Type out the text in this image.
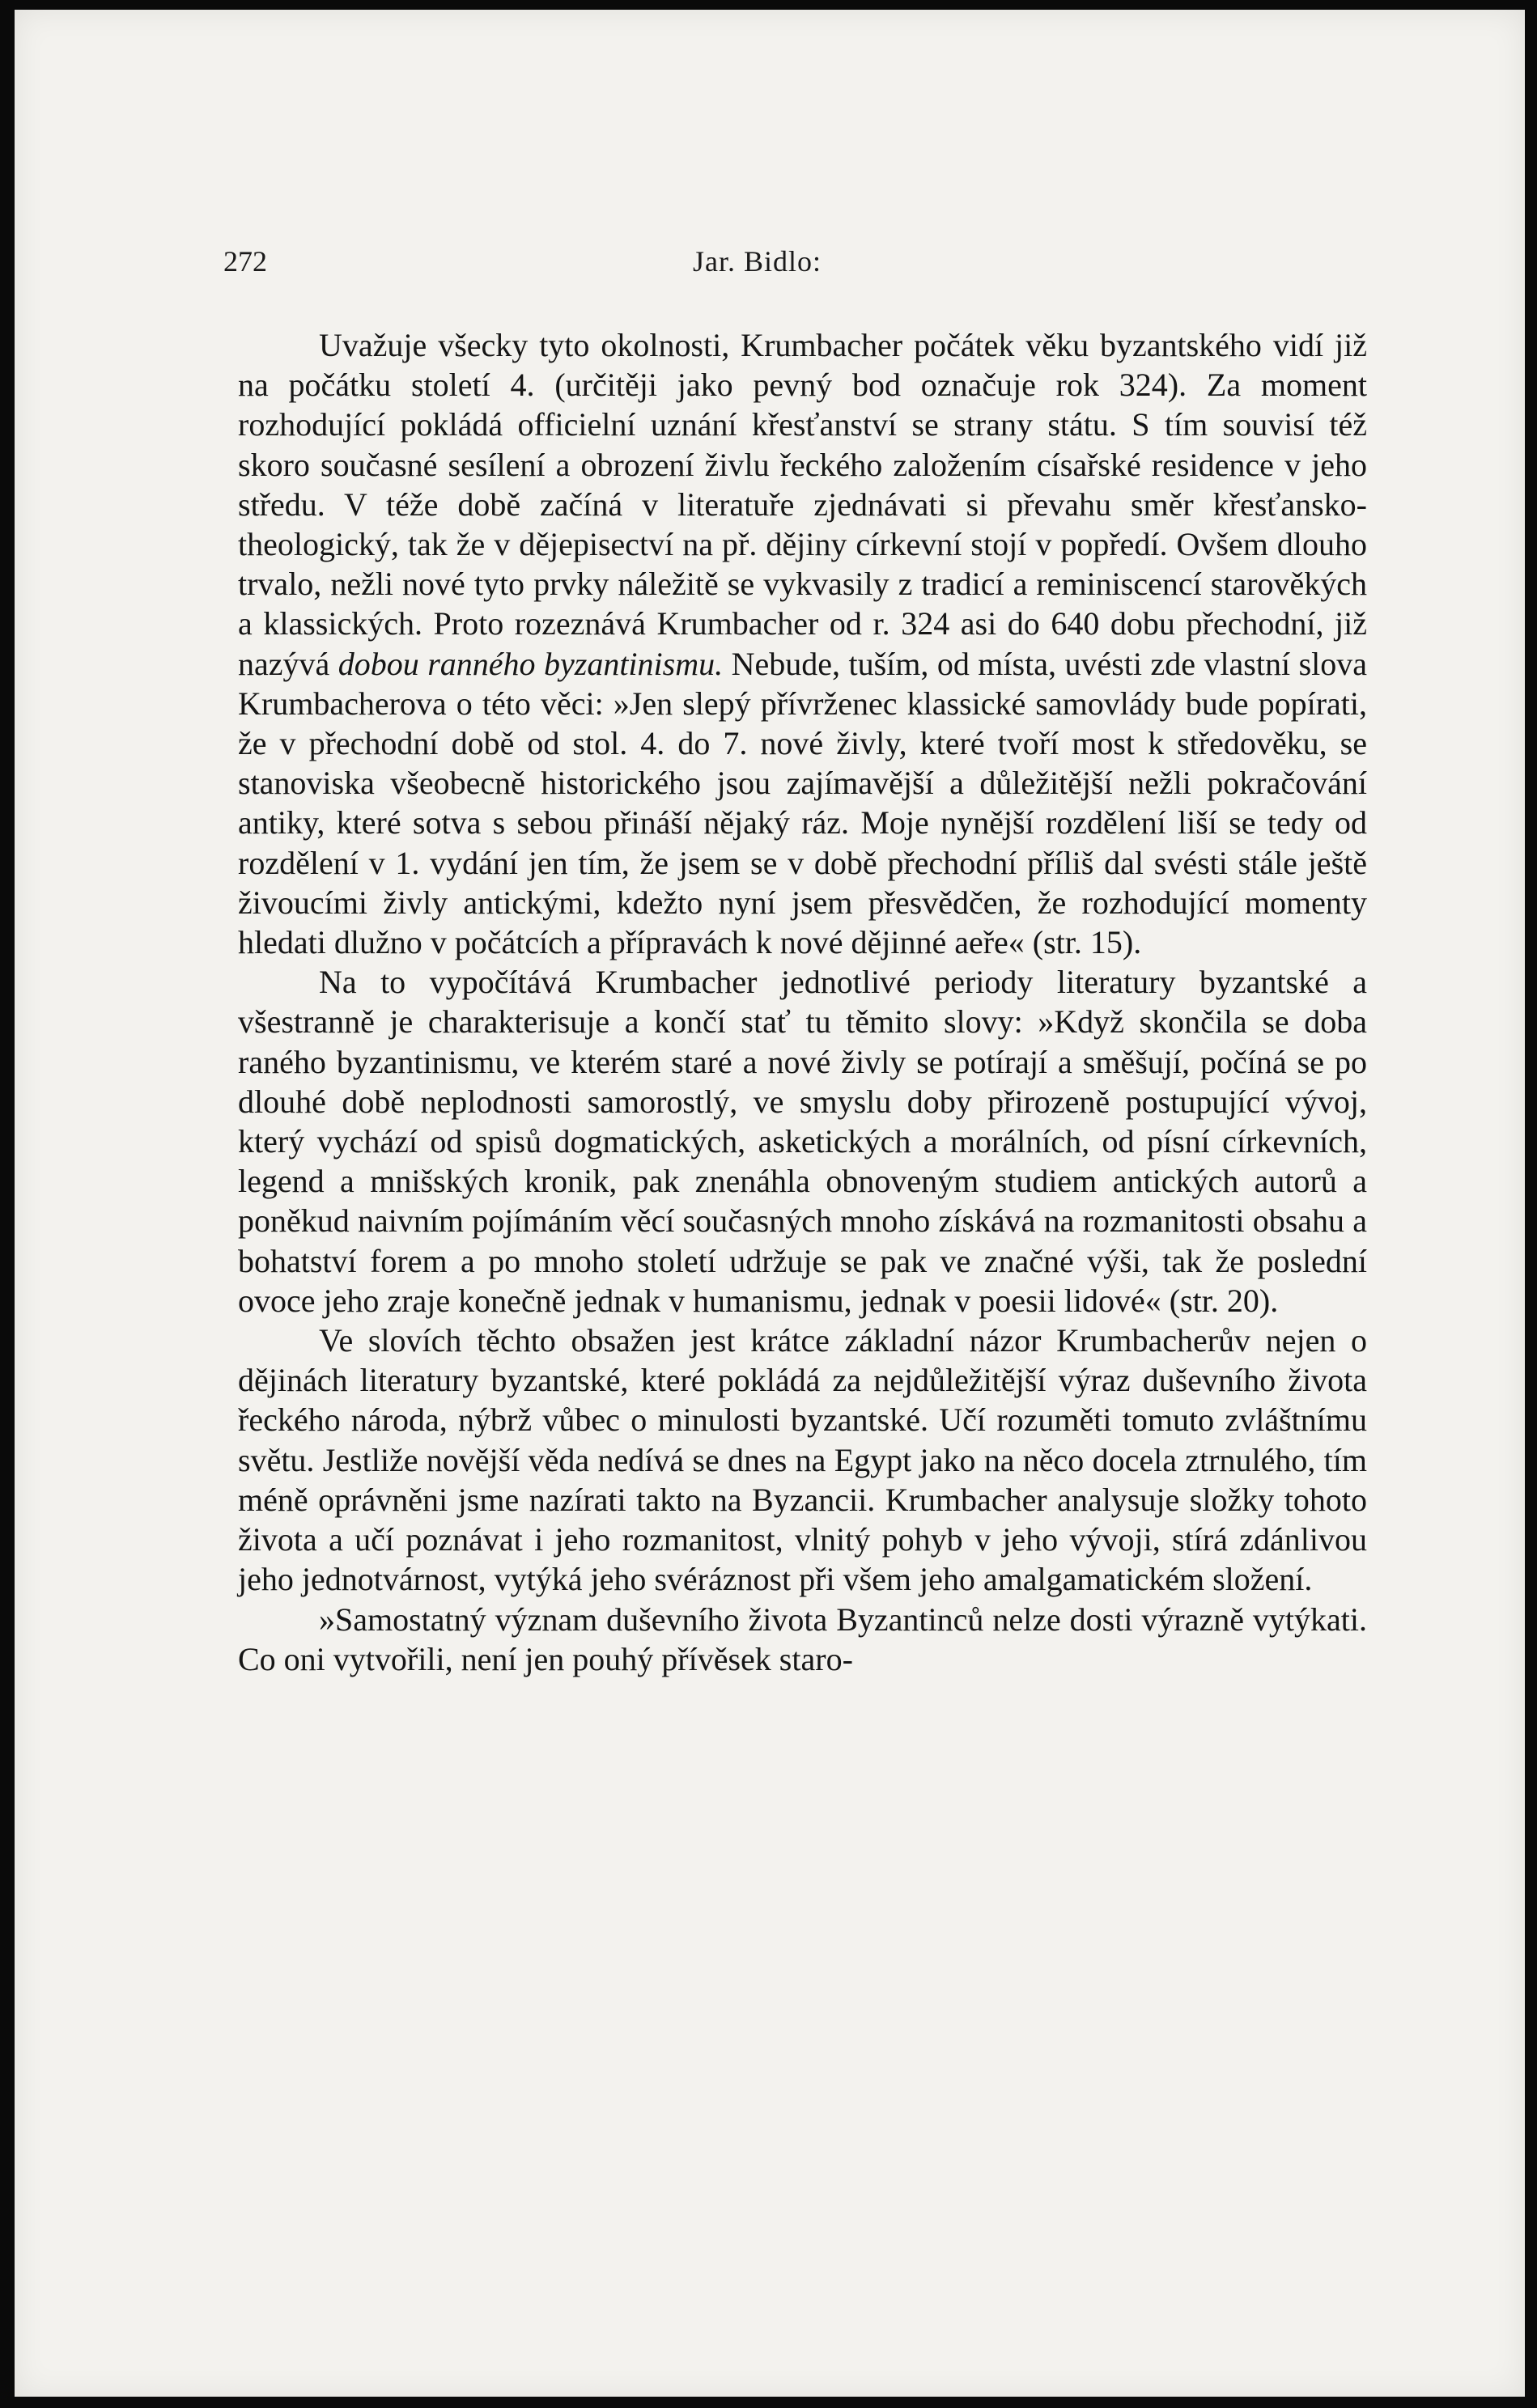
272	Jar. Bidlo:

Uvažuje všecky tyto okolnosti, Krumbacher počátek věku byzantského vidí již na počátku století 4. (určitěji jako pevný bod označuje rok 324). Za moment rozhodující pokládá officielní uznání křesťanství se strany státu. S tím souvisí též skoro současné sesílení a obrození živlu řeckého založením císařské residence v jeho středu. V téže době začíná v literatuře zjednávati si převahu směr křesťansko-theologický, tak že v dějepisectví na př. dějiny církevní stojí v popředí. Ovšem dlouho trvalo, nežli nové tyto prvky náležitě se vykvasily z tradicí a reminiscencí starověkých a klassických. Proto rozeznává Krumbacher od r. 324 asi do 640 dobu přechodní, již nazývá dobou ranného byzantinismu. Nebude, tuším, od místa, uvésti zde vlastní slova Krumbacherova o této věci: »Jen slepý přívrženec klassické samovlády bude popírati, že v přechodní době od stol. 4. do 7. nové živly, které tvoří most k středověku, se stanoviska všeobecně historického jsou zajímavější a důležitější nežli pokračování antiky, které sotva s sebou přináší nějaký ráz. Moje nynější rozdělení liší se tedy od rozdělení v 1. vydání jen tím, že jsem se v době přechodní příliš dal svésti stále ještě živoucími živly antickými, kdežto nyní jsem přesvědčen, že rozhodující momenty hledati dlužno v počátcích a přípravách k nové dějinné aeře« (str. 15).

Na to vypočítává Krumbacher jednotlivé periody literatury byzantské a všestranně je charakterisuje a končí stať tu těmito slovy: »Když skončila se doba raného byzantinismu, ve kterém staré a nové živly se potírají a směšují, počíná se po dlouhé době neplodnosti samorostlý, ve smyslu doby přirozeně postupující vývoj, který vychází od spisů dogmatických, asketických a morálních, od písní církevních, legend a mnišských kronik, pak znenáhla obnoveným studiem antických autorů a poněkud naivním pojímáním věcí současných mnoho získává na rozmanitosti obsahu a bohatství forem a po mnoho století udržuje se pak ve značné výši, tak že poslední ovoce jeho zraje konečně jednak v humanismu, jednak v poesii lidové« (str. 20).

Ve slovích těchto obsažen jest krátce základní názor Krumbacherův nejen o dějinách literatury byzantské, které pokládá za nejdůležitější výraz duševního života řeckého národa, nýbrž vůbec o minulosti byzantské. Učí rozuměti tomuto zvláštnímu světu. Jestliže novější věda nedívá se dnes na Egypt jako na něco docela ztrnulého, tím méně oprávněni jsme nazírati takto na Byzancii. Krumbacher analysuje složky tohoto života a učí poznávat i jeho rozmanitost, vlnitý pohyb v jeho vývoji, stírá zdánlivou jeho jednotvárnost, vytýká jeho svéráznost při všem jeho amalgamatickém složení.

»Samostatný význam duševního života Byzantinců nelze dosti výrazně vytýkati. Co oni vytvořili, není jen pouhý přívěsek staro-
